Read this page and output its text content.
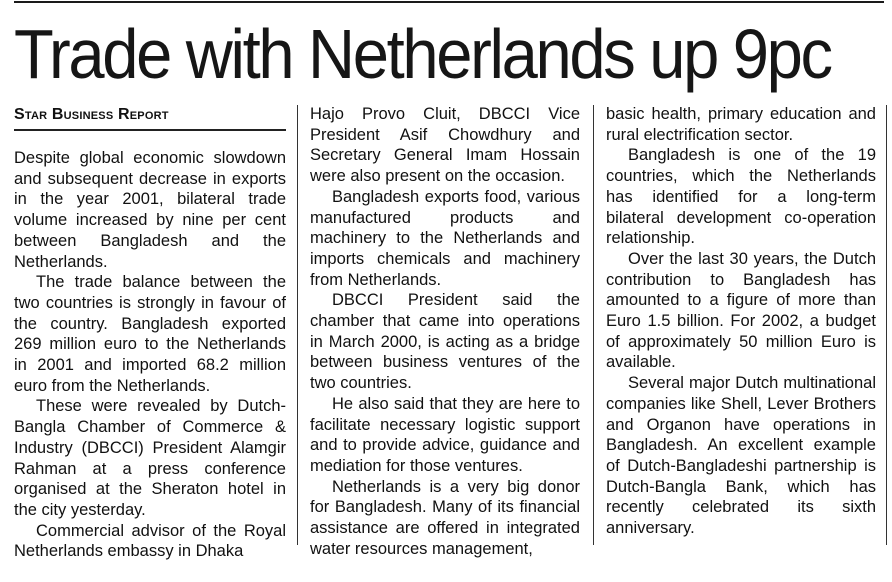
Trade with Netherlands up 9pc
Star Business Report

Despite global economic slowdown and subsequent decrease in exports in the year 2001, bilateral trade volume increased by nine per cent between Bangladesh and the Netherlands.

The trade balance between the two countries is strongly in favour of the country. Bangladesh exported 269 million euro to the Netherlands in 2001 and imported 68.2 million euro from the Netherlands.

These were revealed by Dutch-Bangla Chamber of Commerce & Industry (DBCCI) President Alamgir Rahman at a press conference organised at the Sheraton hotel in the city yesterday.

Commercial advisor of the Royal Netherlands embassy in Dhaka

Hajo Provo Cluit, DBCCI Vice President Asif Chowdhury and Secretary General Imam Hossain were also present on the occasion.

Bangladesh exports food, various manufactured products and machinery to the Netherlands and imports chemicals and machinery from Netherlands.

DBCCI President said the chamber that came into operations in March 2000, is acting as a bridge between business ventures of the two countries.

He also said that they are here to facilitate necessary logistic support and to provide advice, guidance and mediation for those ventures.

Netherlands is a very big donor for Bangladesh. Many of its financial assistance are offered in integrated water resources management,

basic health, primary education and rural electrification sector.

Bangladesh is one of the 19 countries, which the Netherlands has identified for a long-term bilateral development co-operation relationship.

Over the last 30 years, the Dutch contribution to Bangladesh has amounted to a figure of more than Euro 1.5 billion. For 2002, a budget of approximately 50 million Euro is available.

Several major Dutch multinational companies like Shell, Lever Brothers and Organon have operations in Bangladesh. An excellent example of Dutch-Bangladeshi partnership is Dutch-Bangla Bank, which has recently celebrated its sixth anniversary.
